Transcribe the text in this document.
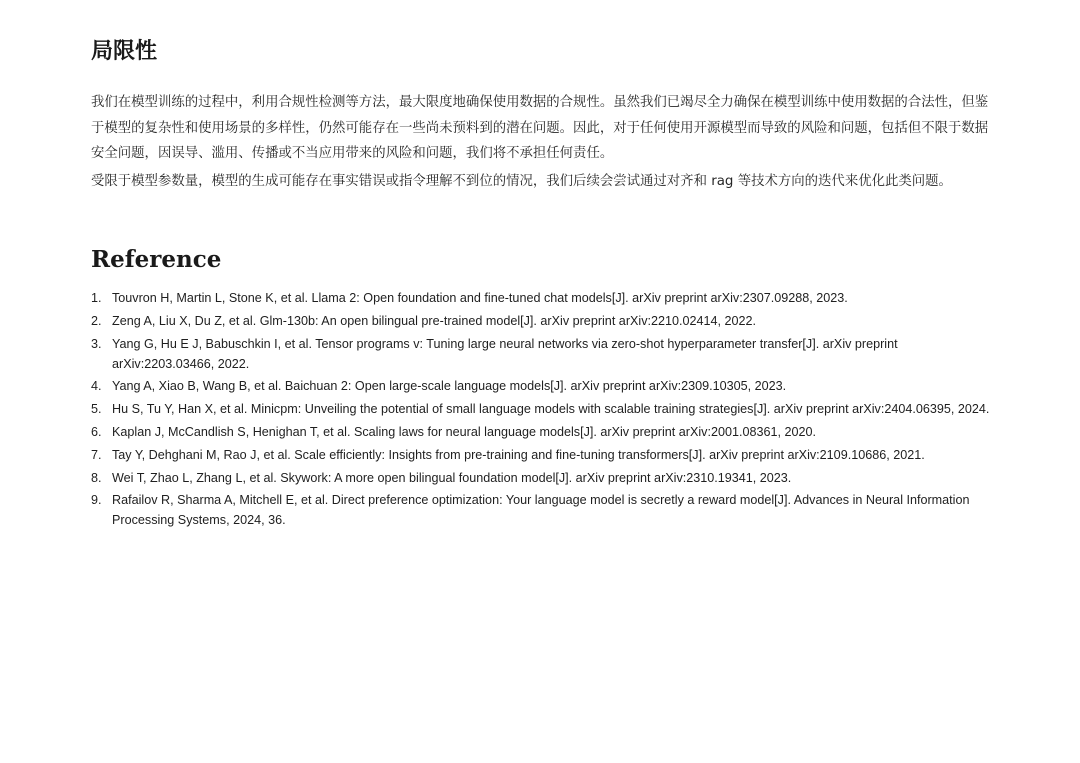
局限性

我们在模型训练的过程中，利用合规性检测等方法，最大限度地确保使用数据的合规性。虽然我们已竭尽全力确保在模型训练中使用数据的合法性，但鉴于模型的复杂性和使用场景的多样性，仍然可能存在一些尚未预料到的潜在问题。因此，对于任何使用开源模型而导致的风险和问题，包括但不限于数据安全问题，因误导、滥用、传播或不当应用带来的风险和问题，我们将不承担任何责任。

受限于模型参数量，模型的生成可能存在事实错误或指令理解不到位的情况，我们后续会尝试通过对齐和 rag 等技术方向的迭代来优化此类问题。

Reference
1. Touvron H, Martin L, Stone K, et al. Llama 2: Open foundation and fine-tuned chat models[J]. arXiv preprint arXiv:2307.09288, 2023.
2. Zeng A, Liu X, Du Z, et al. Glm-130b: An open bilingual pre-trained model[J]. arXiv preprint arXiv:2210.02414, 2022.
3. Yang G, Hu E J, Babuschkin I, et al. Tensor programs v: Tuning large neural networks via zero-shot hyperparameter transfer[J]. arXiv preprint arXiv:2203.03466, 2022.
4. Yang A, Xiao B, Wang B, et al. Baichuan 2: Open large-scale language models[J]. arXiv preprint arXiv:2309.10305, 2023.
5. Hu S, Tu Y, Han X, et al. Minicpm: Unveiling the potential of small language models with scalable training strategies[J]. arXiv preprint arXiv:2404.06395, 2024.
6. Kaplan J, McCandlish S, Henighan T, et al. Scaling laws for neural language models[J]. arXiv preprint arXiv:2001.08361, 2020.
7. Tay Y, Dehghani M, Rao J, et al. Scale efficiently: Insights from pre-training and fine-tuning transformers[J]. arXiv preprint arXiv:2109.10686, 2021.
8. Wei T, Zhao L, Zhang L, et al. Skywork: A more open bilingual foundation model[J]. arXiv preprint arXiv:2310.19341, 2023.
9. Rafailov R, Sharma A, Mitchell E, et al. Direct preference optimization: Your language model is secretly a reward model[J]. Advances in Neural Information Processing Systems, 2024, 36.
